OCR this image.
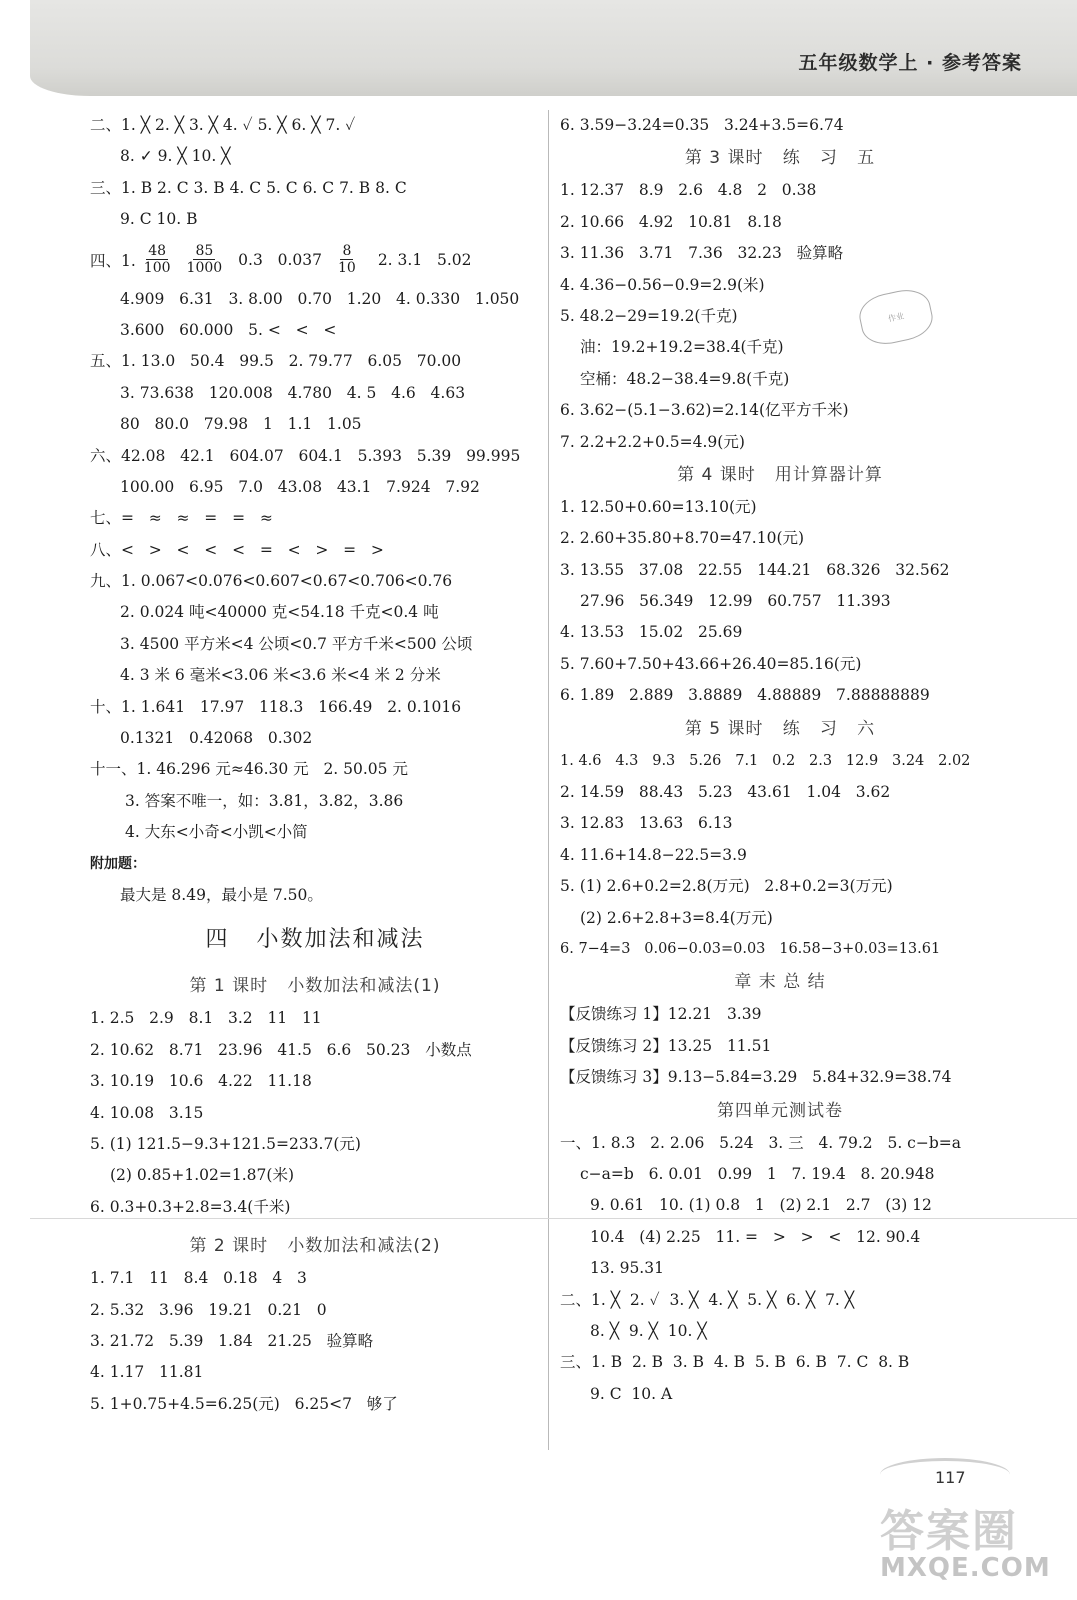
五年级数学上 · 参考答案
二、1. ╳ 2. ╳ 3. ╳ 4. ✓ 5. ╳ 6. ╳ 7. ✓
8. ✓ 9. ╳ 10. ╳
三、1. B 2. C 3. B 4. C 5. C 6. C 7. B 8. C
9. C 10. B
四、1. $\frac{48}{100} \frac{85}{1000} 0.3$   $0.037 \frac{8}{10} 2$. 3.1   5.02
4.909   6.31   3. 8.00   0.70   1.20   4. 0.330   1.050
3.600   60.000   5. <   <   <
五、1. 13.0   50.4   99.5   2. 79.77   6.05   70.00
3. 73.638   120.008   4.780   4. 5   4.6   4.63
80   80.0   79.98   1   1.1   1.05
六、42.08   42.1   604.07   604.1   5.393   5.39   99.995
100.00   6.95   7.0   43.08   43.1   7.924   7.92
七、=   ≈   ≈   =   =   ≈
八、<   >   <   <   <   =   <   >   =   >
九、1. 0.067<0.076<0.607<0.67<0.706<0.76
2. 0.024 吨<40000 克<54.18 千克<0.4 吨
3. 4500 平方米<4 公顷<0.7 平方千米<500 公顷
4. 3 米 6 毫米<3.06 米<3.6 米<4 米 2 分米
十、1. 1.641   17.97   118.3   166.49   2. 0.1016
0.1321   0.42068   0.302
十一、1. 46.296 元≈46.30 元   2. 50.05 元
3. 答案不唯一，如：3.81，3.82，3.86
4. 大东<小奇<小凯<小简
附加题：
最大是 8.49，最小是 7.50。
四   小数加法和减法
第 1 课时   小数加法和减法(1)
1. 2.5   2.9   8.1   3.2   11   11
2. 10.62   8.71   23.96   41.5   6.6   50.23   小数点
3. 10.19   10.6   4.22   11.18
4. 10.08   3.15
5. (1) 121.5−9.3+121.5=233.7(元)
(2) 0.85+1.02=1.87(米)
6. 0.3+0.3+2.8=3.4(千米)
第 2 课时   小数加法和减法(2)
1. 7.1   11   8.4   0.18   4   3
2. 5.32   3.96   19.21   0.21   0
3. 21.72   5.39   1.84   21.25   验算略
4. 1.17   11.81
5. 1+0.75+4.5=6.25(元)   6.25<7   够了
6. 3.59−3.24=0.35   3.24+3.5=6.74
第 3 课时   练   习   五
1. 12.37   8.9   2.6   4.8   2   0.38
2. 10.66   4.92   10.81   8.18
3. 11.36   3.71   7.36   32.23   验算略
4. 4.36−0.56−0.9=2.9(米)
5. 48.2−29=19.2(千克)
油：19.2+19.2=38.4(千克)
空桶：48.2−38.4=9.8(千克)
6. 3.62−(5.1−3.62)=2.14(亿平方千米)
7. 2.2+2.2+0.5=4.9(元)
第 4 课时   用计算器计算
1. 12.50+0.60=13.10(元)
2. 2.60+35.80+8.70=47.10(元)
3. 13.55   37.08   22.55   144.21   68.326   32.562
27.96   56.349   12.99   60.757   11.393
4. 13.53   15.02   25.69
5. 7.60+7.50+43.66+26.40=85.16(元)
6. 1.89   2.889   3.8889   4.88889   7.88888889
第 5 课时   练   习   六
1. 4.6   4.3   9.3   5.26   7.1   0.2   2.3   12.9   3.24   2.02
2. 14.59   88.43   5.23   43.61   1.04   3.62
3. 12.83   13.63   6.13
4. 11.6+14.8−22.5=3.9
5. (1) 2.6+0.2=2.8(万元)   2.8+0.2=3(万元)
(2) 2.6+2.8+3=8.4(万元)
6. 7−4=3   0.06−0.03=0.03   16.58−3+0.03=13.61
章 末 总 结
【反馈练习 1】12.21   3.39
【反馈练习 2】13.25   11.51
【反馈练习 3】9.13−5.84=3.29   5.84+32.9=38.74
第四单元测试卷
一、1. 8.3   2. 2.06   5.24   3. 三   4. 79.2   5. c−b=a
c−a=b   6. 0.01   0.99   1   7. 19.4   8. 20.948
9. 0.61   10. (1) 0.8   1   (2) 2.1   2.7   (3) 12
10.4   (4) 2.25   11. =   >   >   <   12. 90.4
13. 95.31
二、1. ╳  2. ✓  3. ╳  4. ╳  5. ╳  6. ╳  7. ╳
8. ╳  9. ╳  10. ╳
三、1. B  2. B  3. B  4. B  5. B  6. B  7. C  8. B
9. C  10. A
作业
117
答案圈
MXQE.COM
